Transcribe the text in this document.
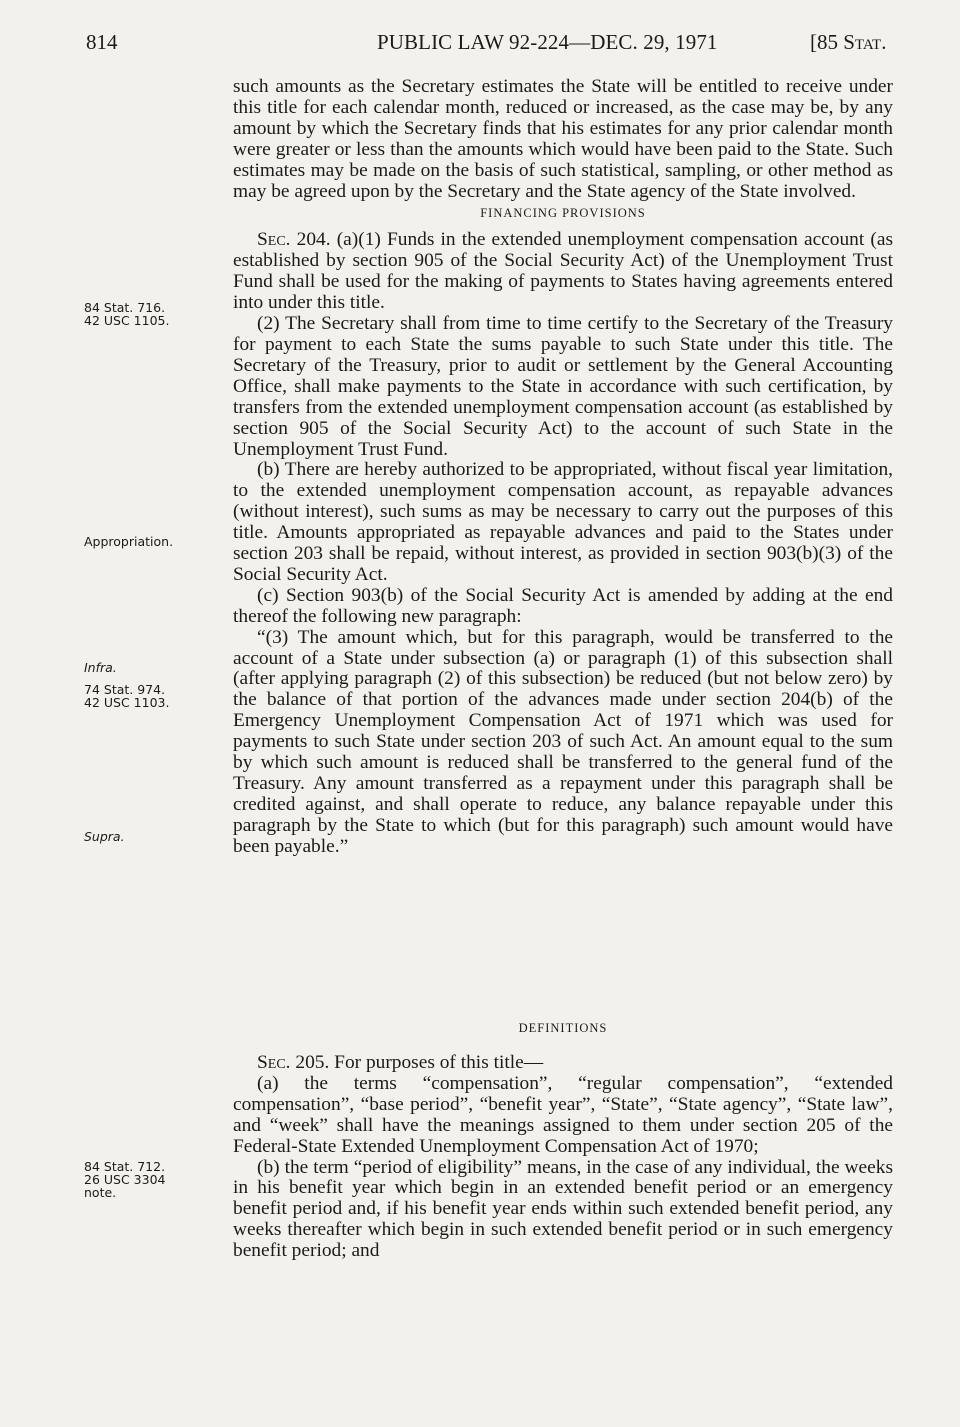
814	PUBLIC LAW 92-224—DEC. 29, 1971	[85 Stat.
84 Stat. 716.
42 USC 1105.
Appropriation.
Infra.
74 Stat. 974.
42 USC 1103.
Supra.
84 Stat. 712.
26 USC 3304
note.

such amounts as the Secretary estimates the State will be entitled to receive under this title for each calendar month, reduced or increased, as the case may be, by any amount by which the Secretary finds that his estimates for any prior calendar month were greater or less than the amounts which would have been paid to the State. Such estimates may be made on the basis of such statistical, sampling, or other method as may be agreed upon by the Secretary and the State agency of the State involved.

FINANCING PROVISIONS

Sec. 204. (a)(1) Funds in the extended unemployment compensation account (as established by section 905 of the Social Security Act) of the Unemployment Trust Fund shall be used for the making of payments to States having agreements entered into under this title.

(2) The Secretary shall from time to time certify to the Secretary of the Treasury for payment to each State the sums payable to such State under this title. The Secretary of the Treasury, prior to audit or settlement by the General Accounting Office, shall make payments to the State in accordance with such certification, by transfers from the extended unemployment compensation account (as established by section 905 of the Social Security Act) to the account of such State in the Unemployment Trust Fund.

(b) There are hereby authorized to be appropriated, without fiscal year limitation, to the extended unemployment compensation account, as repayable advances (without interest), such sums as may be necessary to carry out the purposes of this title. Amounts appropriated as repayable advances and paid to the States under section 203 shall be repaid, without interest, as provided in section 903(b)(3) of the Social Security Act.

(c) Section 903(b) of the Social Security Act is amended by adding at the end thereof the following new paragraph:

“(3) The amount which, but for this paragraph, would be transferred to the account of a State under subsection (a) or paragraph (1) of this subsection shall (after applying paragraph (2) of this subsection) be reduced (but not below zero) by the balance of that portion of the advances made under section 204(b) of the Emergency Unemployment Compensation Act of 1971 which was used for payments to such State under section 203 of such Act. An amount equal to the sum by which such amount is reduced shall be transferred to the general fund of the Treasury. Any amount transferred as a repayment under this paragraph shall be credited against, and shall operate to reduce, any balance repayable under this paragraph by the State to which (but for this paragraph) such amount would have been payable.”

DEFINITIONS

Sec. 205. For purposes of this title—

(a) the terms “compensation”, “regular compensation”, “extended compensation”, “base period”, “benefit year”, “State”, “State agency”, “State law”, and “week” shall have the meanings assigned to them under section 205 of the Federal-State Extended Unemployment Compensation Act of 1970;

(b) the term “period of eligibility” means, in the case of any individual, the weeks in his benefit year which begin in an extended benefit period or an emergency benefit period and, if his benefit year ends within such extended benefit period, any weeks thereafter which begin in such extended benefit period or in such emergency benefit period; and
